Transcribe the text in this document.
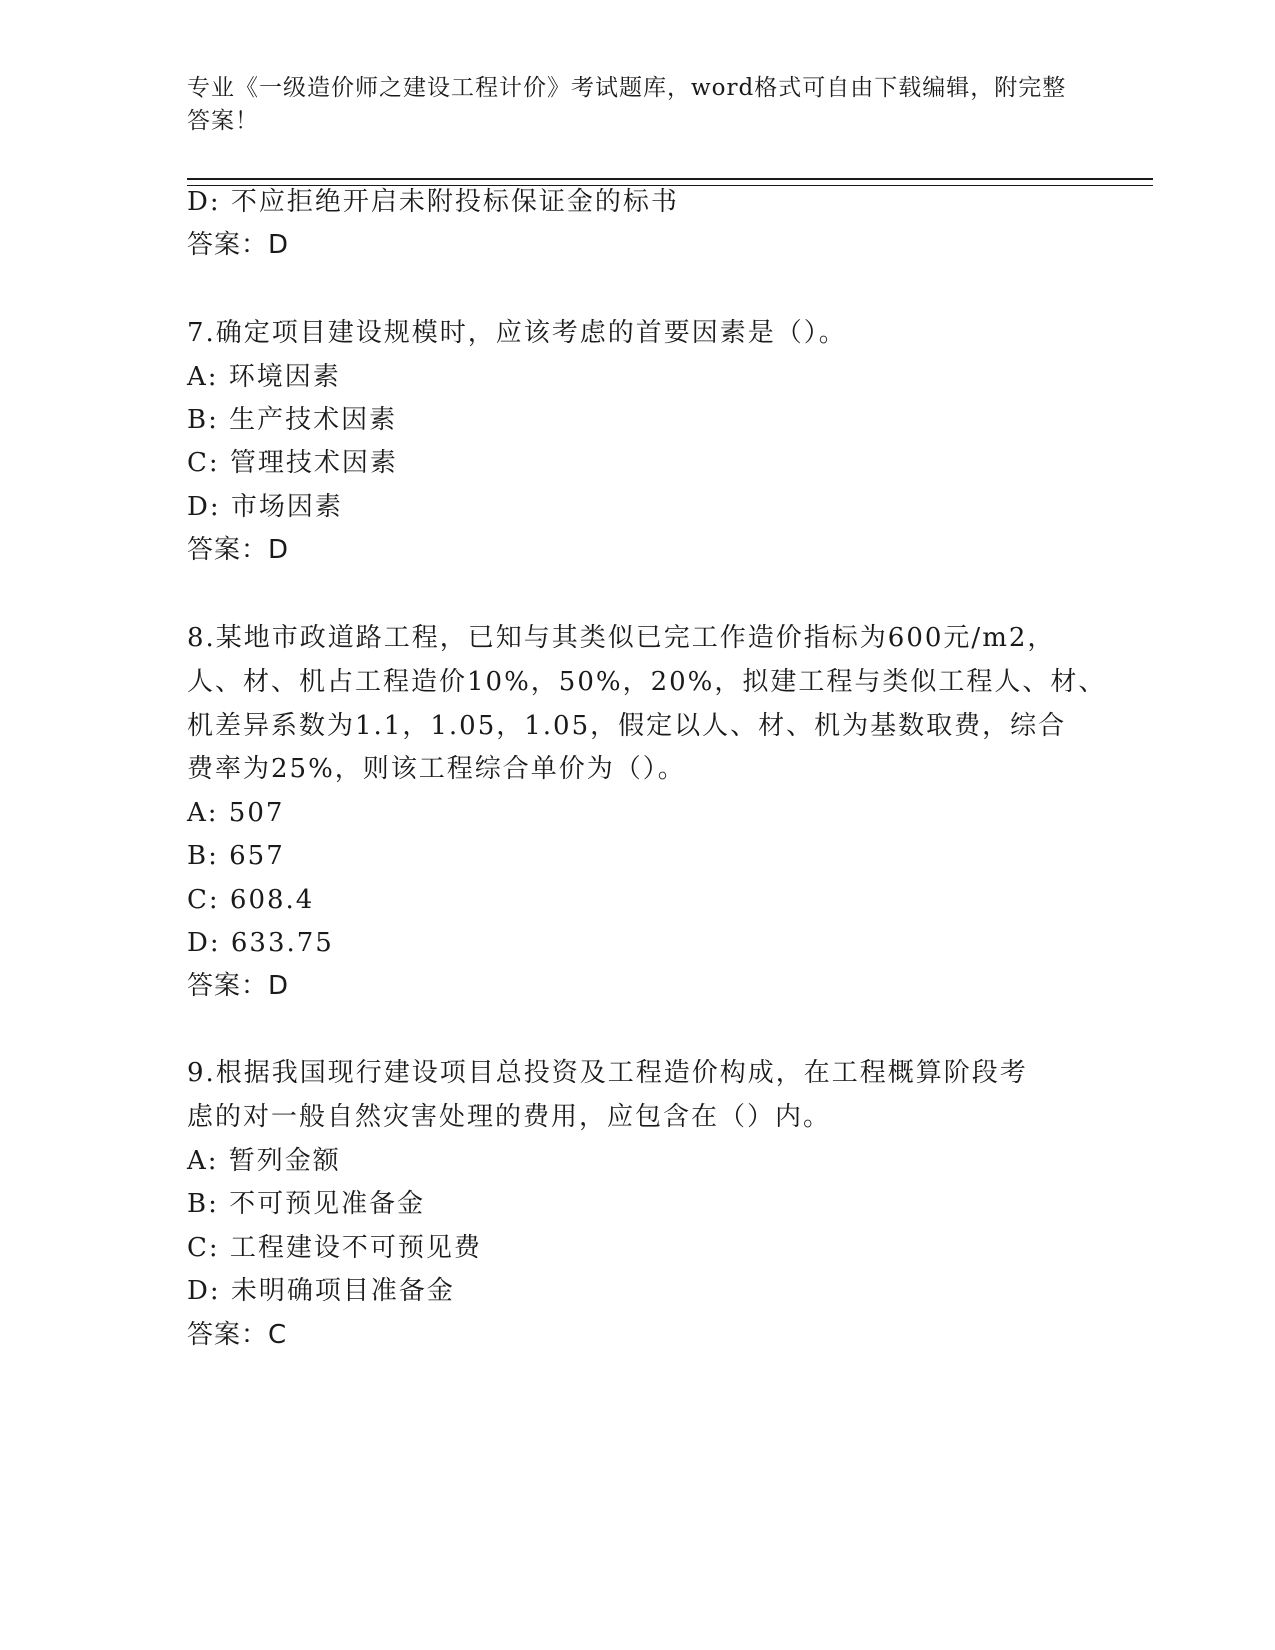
专业《一级造价师之建设工程计价》考试题库，word格式可自由下载编辑，附完整答案！
D: 不应拒绝开启未附投标保证金的标书
答案：D
7.确定项目建设规模时，应该考虑的首要因素是（）。
A: 环境因素
B: 生产技术因素
C: 管理技术因素
D: 市场因素
答案：D
8.某地市政道路工程，已知与其类似已完工作造价指标为600元/m2，
人、材、机占工程造价10%，50%，20%，拟建工程与类似工程人、材、
机差异系数为1.1，1.05，1.05，假定以人、材、机为基数取费，综合
费率为25%，则该工程综合单价为（）。
A: 507
B: 657
C: 608.4
D: 633.75
答案：D
9.根据我国现行建设项目总投资及工程造价构成，在工程概算阶段考
虑的对一般自然灾害处理的费用，应包含在（）内。
A: 暂列金额
B: 不可预见准备金
C: 工程建设不可预见费
D: 未明确项目准备金
答案：C
